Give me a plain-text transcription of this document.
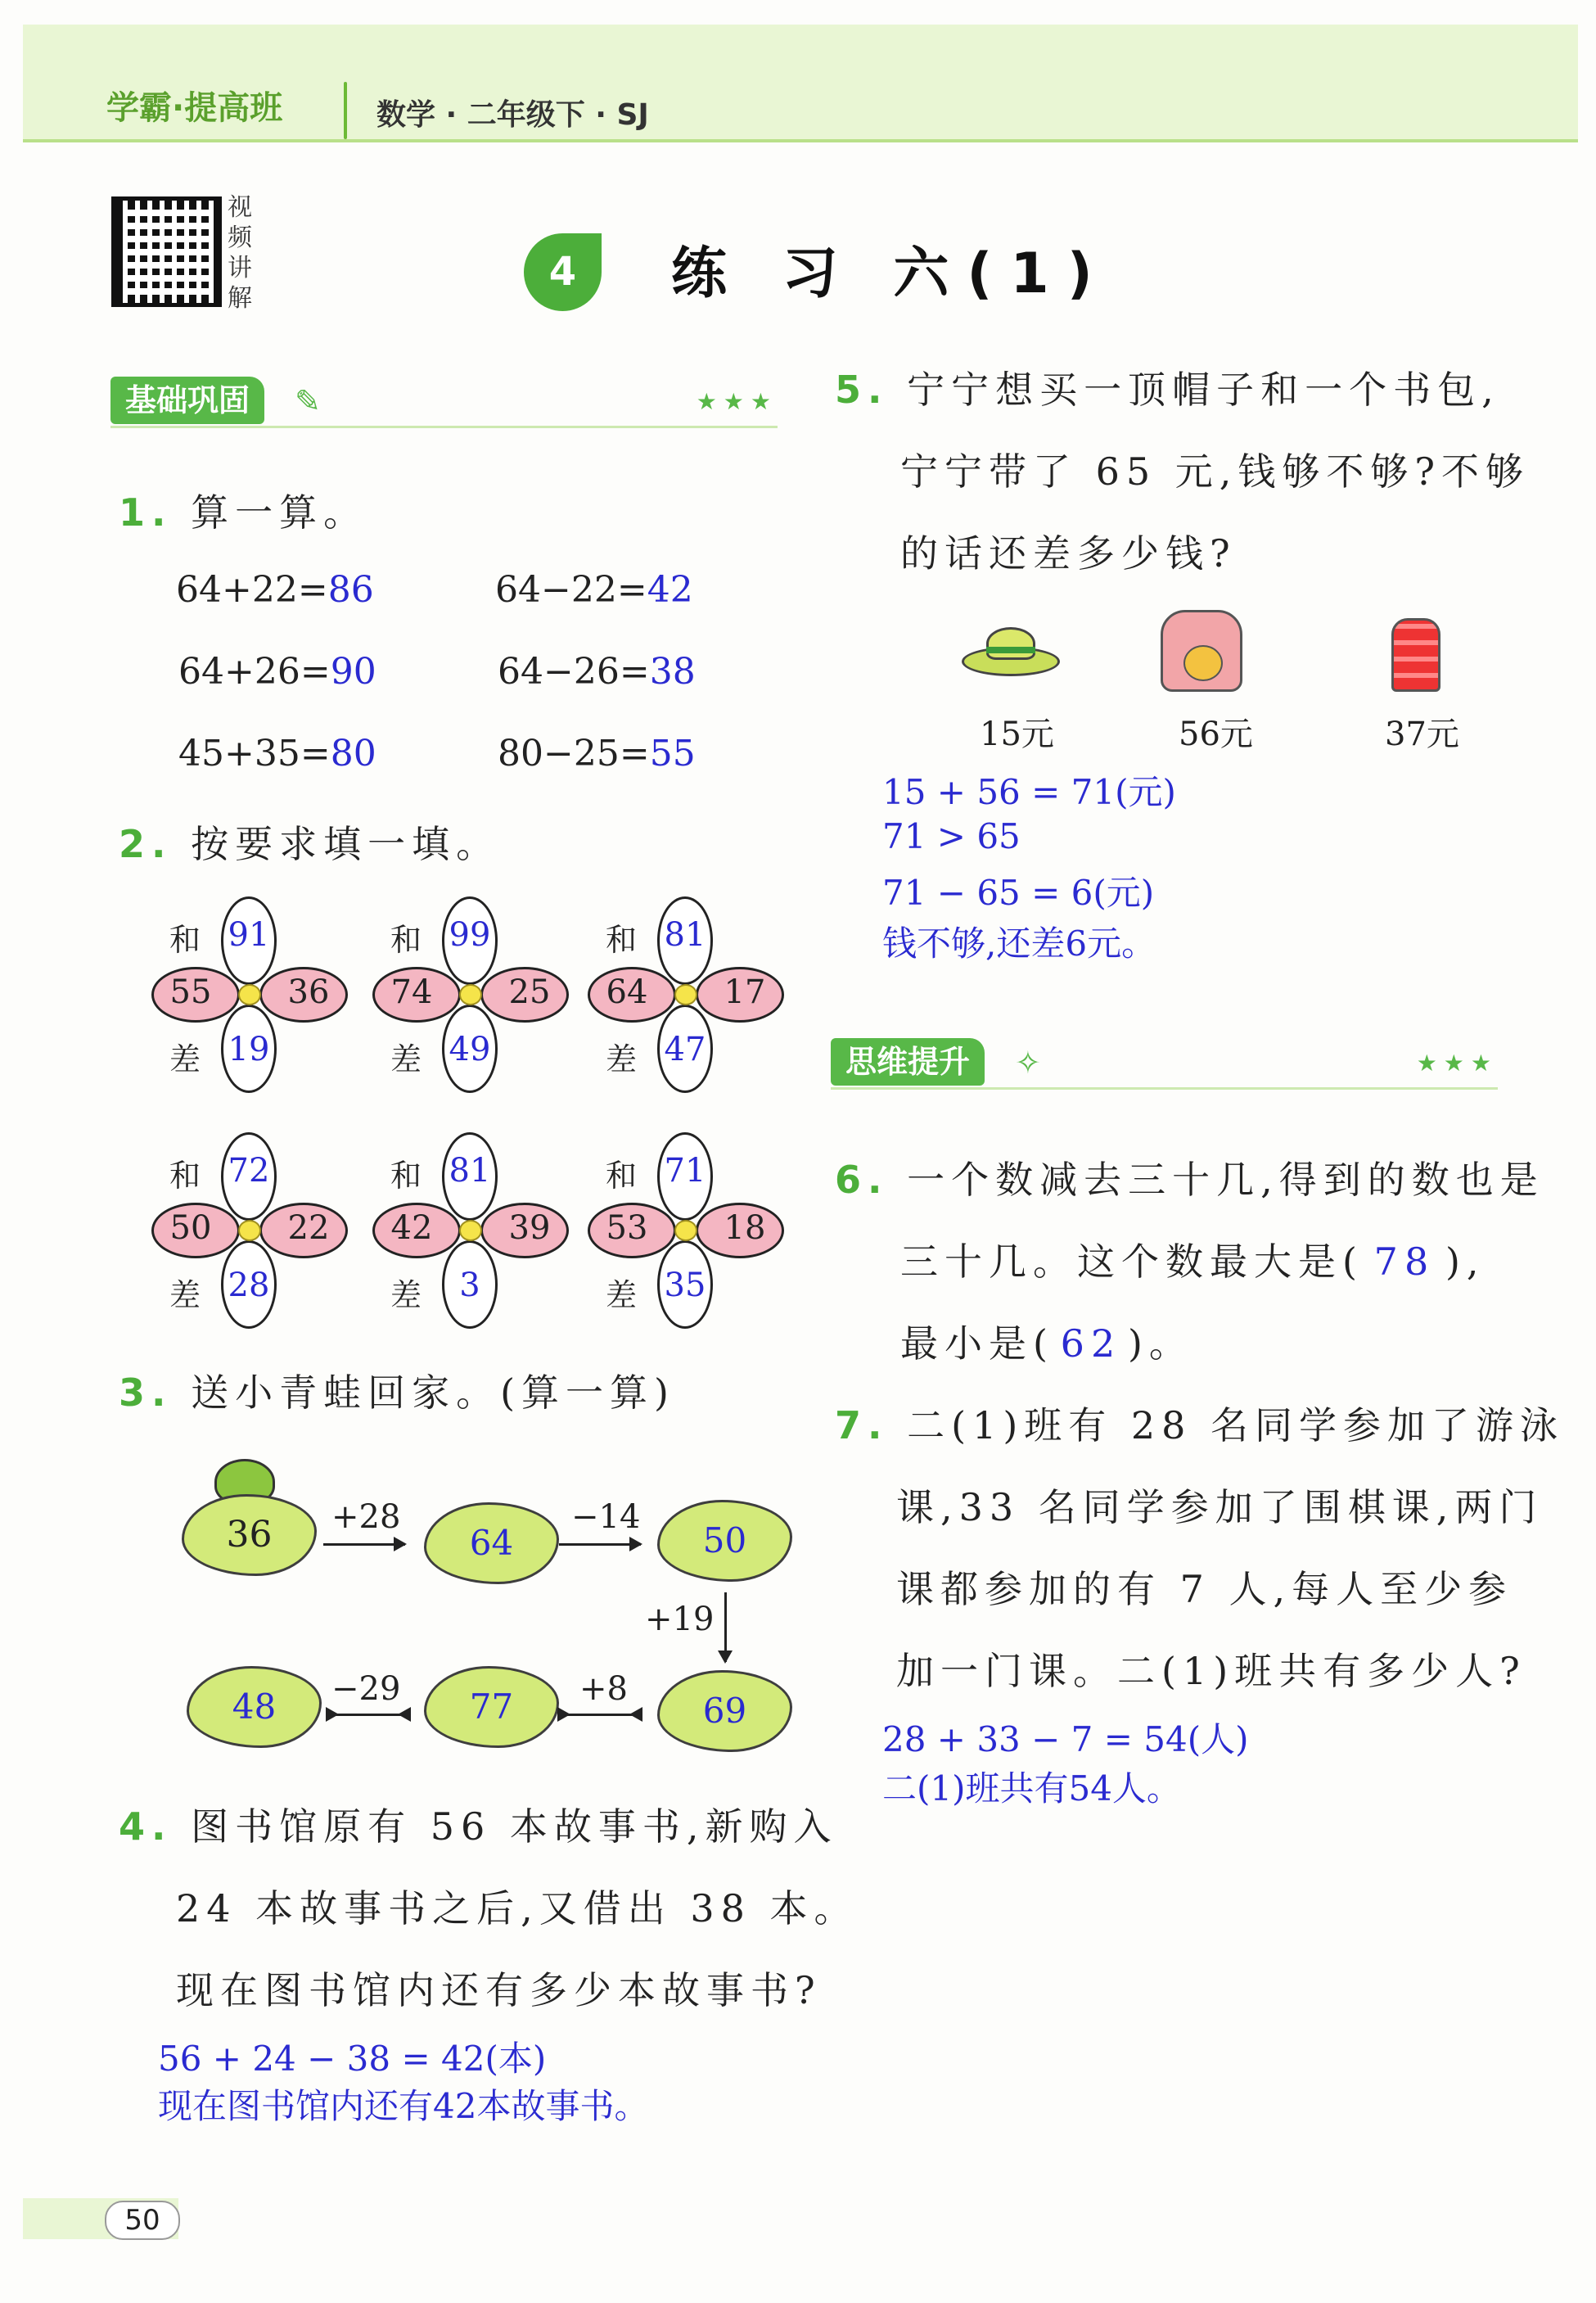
学霸·提高班	数学 · 二年级下 · SJ
视
频
讲
解
4	练 习 六(1)
基础巩固	✎	★★★
1. 算一算。
64+22=86	64−22=42
64+26=90	64−26=38
45+35=80	80−25=55
2. 按要求填一填。
91
19
55	36
和
差
99
49
74	25
和
差
81
47
64	17
和
差
72
28
50	22
和
差
81
3
42	39
和
差
71
35
53	18
和
差
3. 送小青蛙回家。(算一算)
36	64	50
69
77
48
+28	−14
+19
+8
−29
4. 图书馆原有 56 本故事书,新购入
24 本故事书之后,又借出 38 本。
现在图书馆内还有多少本故事书?
56 + 24 − 38 = 42(本)
现在图书馆内还有42本故事书。
5. 宁宁想买一顶帽子和一个书包,
宁宁带了 65 元,钱够不够?不够
的话还差多少钱?
15元	56元	37元
15 + 56 = 71(元)
71 > 65
71 − 65 = 6(元)
钱不够,还差6元。
思维提升	✧	★★★
6. 一个数减去三十几,得到的数也是
三十几。这个数最大是( 78 ),
最小是( 62 )。
7. 二(1)班有 28 名同学参加了游泳
课,33 名同学参加了围棋课,两门
课都参加的有 7 人,每人至少参
加一门课。二(1)班共有多少人?
28 + 33 − 7 = 54(人)
二(1)班共有54人。
50
